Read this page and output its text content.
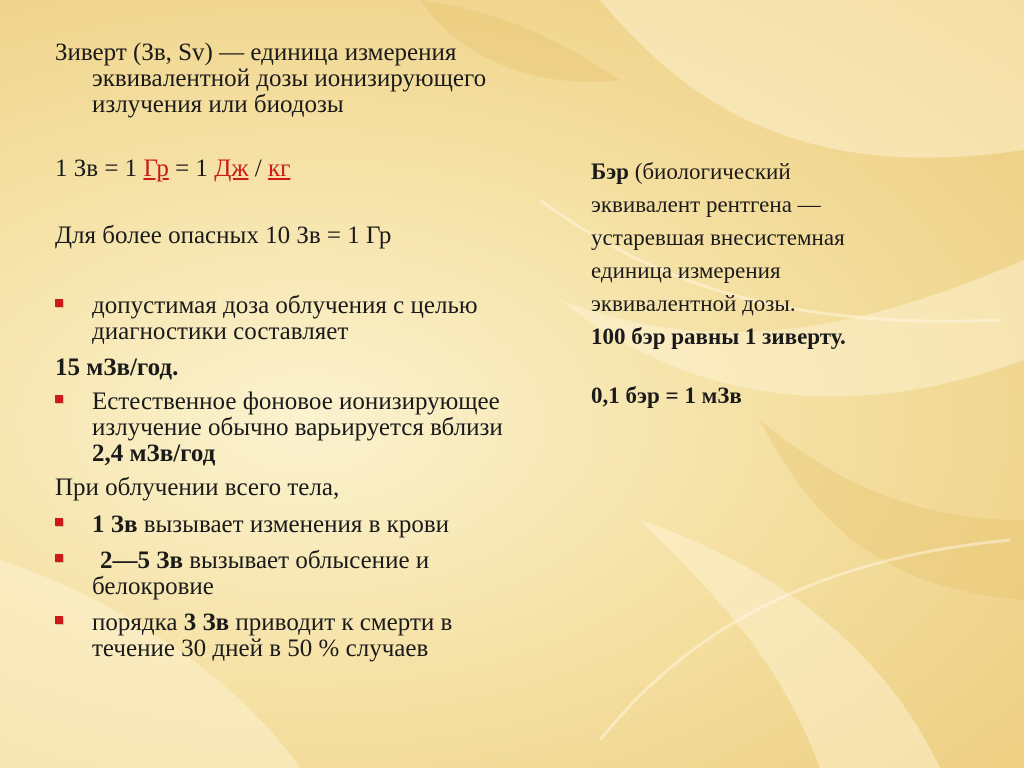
Зиверт (Зв, Sv) — единица измерения
эквивалентной дозы ионизирующего
излучения или биодозы

1 Зв = 1 Гр = 1 Дж / кг

Для более опасных 10 Зв = 1 Гр

допустимая доза облучения с целью
диагностики составляет

15 мЗв/год.

Естественное фоновое ионизирующее
излучение обычно варьируется вблизи
2,4 мЗв/год

При облучении всего тела,

1 Зв вызывает изменения в крови
2—5 Зв вызывает облысение и
белокровие
порядка 3 Зв приводит к смерти в
течение 30 дней в 50 % случаев

Бэр (биологический
эквивалент рентгена —
устаревшая внесистемная
единица измерения
эквивалентной дозы.

100 бэр равны 1 зиверту.

0,1 бэр = 1 мЗв
